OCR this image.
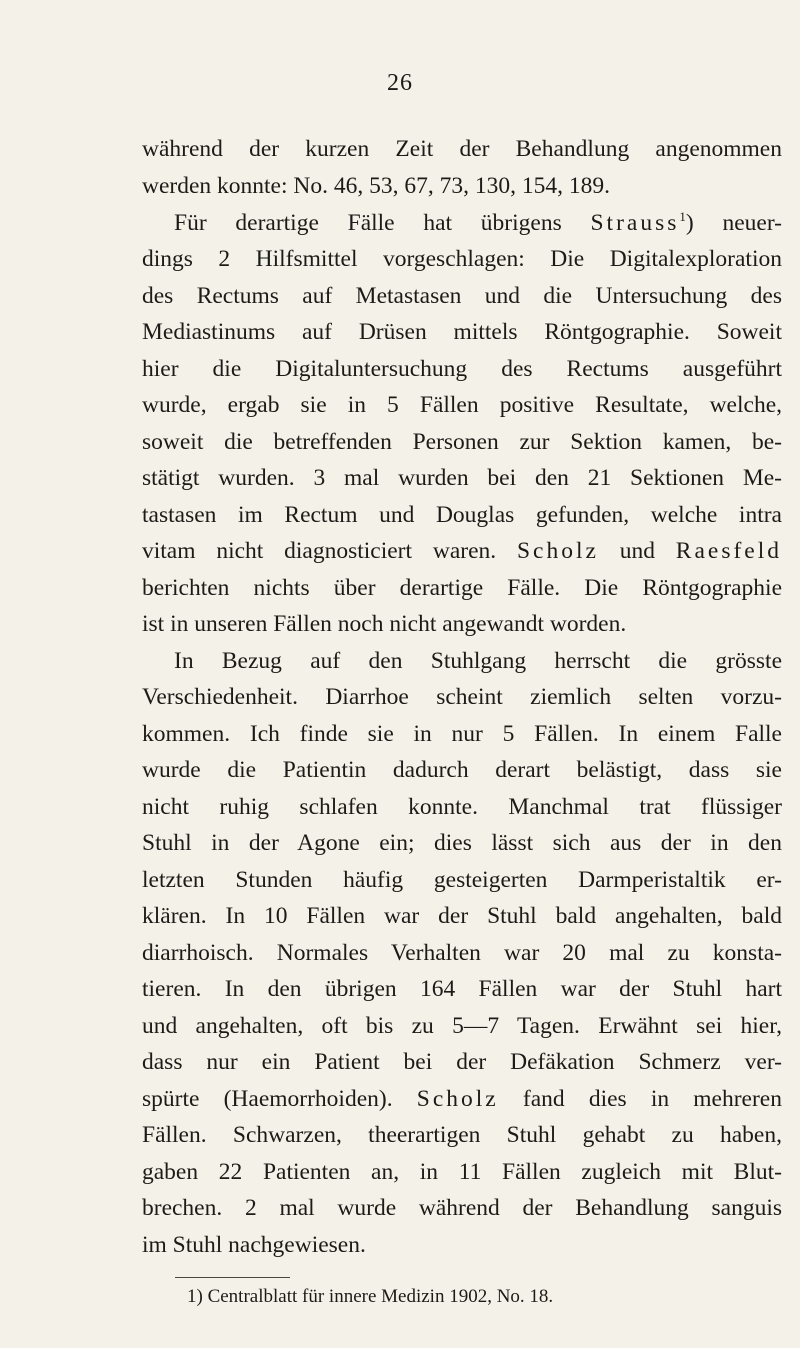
26
während der kurzen Zeit der Behandlung angenommen
werden konnte: No. 46, 53, 67, 73, 130, 154, 189.
Für derartige Fälle hat übrigens Strauss$^1$) neuer-
dings 2 Hilfsmittel vorgeschlagen: Die Digitalexploration
des Rectums auf Metastasen und die Untersuchung des
Mediastinums auf Drüsen mittels Röntgographie. Soweit
hier die Digitaluntersuchung des Rectums ausgeführt
wurde, ergab sie in 5 Fällen positive Resultate, welche,
soweit die betreffenden Personen zur Sektion kamen, be-
stätigt wurden. 3 mal wurden bei den 21 Sektionen Me-
tastasen im Rectum und Douglas gefunden, welche intra
vitam nicht diagnosticiert waren. Scholz und Raesfeld
berichten nichts über derartige Fälle. Die Röntgographie
ist in unseren Fällen noch nicht angewandt worden.
In Bezug auf den Stuhlgang herrscht die grösste
Verschiedenheit. Diarrhoe scheint ziemlich selten vorzu-
kommen. Ich finde sie in nur 5 Fällen. In einem Falle
wurde die Patientin dadurch derart belästigt, dass sie
nicht ruhig schlafen konnte. Manchmal trat flüssiger
Stuhl in der Agone ein; dies lässt sich aus der in den
letzten Stunden häufig gesteigerten Darmperistaltik er-
klären. In 10 Fällen war der Stuhl bald angehalten, bald
diarrhoisch. Normales Verhalten war 20 mal zu konsta-
tieren. In den übrigen 164 Fällen war der Stuhl hart
und angehalten, oft bis zu 5—7 Tagen. Erwähnt sei hier,
dass nur ein Patient bei der Defäkation Schmerz ver-
spürte (Haemorrhoiden). Scholz fand dies in mehreren
Fällen. Schwarzen, theerartigen Stuhl gehabt zu haben,
gaben 22 Patienten an, in 11 Fällen zugleich mit Blut-
brechen. 2 mal wurde während der Behandlung sanguis
im Stuhl nachgewiesen.
1) Centralblatt für innere Medizin 1902, No. 18.
